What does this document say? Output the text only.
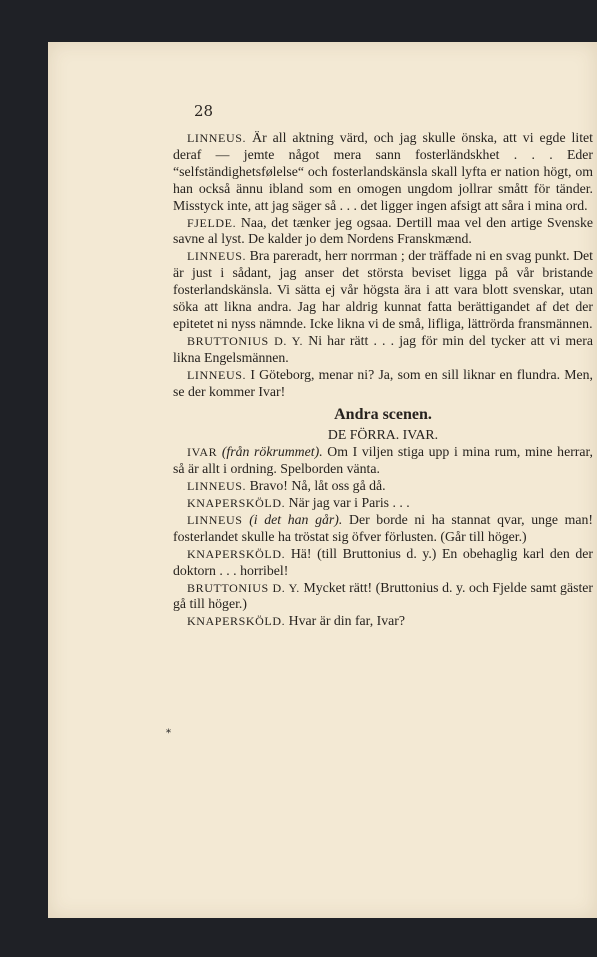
28
*
LINNEUS. Är all aktning värd, och jag skulle önska, att vi egde litet deraf — jemte något mera sann fosterländskhet . . . Eder “selfständighetsfølelse“ och fosterlandskänsla skall lyfta er nation högt, om han också ännu ibland som en omogen ungdom jollrar smått för tänder. Misstyck inte, att jag säger så . . . det ligger ingen afsigt att såra i mina ord.
FJELDE. Naa, det tænker jeg ogsaa. Dertill maa vel den artige Svenske savne al lyst. De kalder jo dem Nordens Franskmænd.
LINNEUS. Bra pareradt, herr norrman ; der träffade ni en svag punkt. Det är just i sådant, jag anser det största beviset ligga på vår bristande fosterlandskänsla. Vi sätta ej vår högsta ära i att vara blott svenskar, utan söka att likna andra. Jag har aldrig kunnat fatta berättigandet af det der epitetet ni nyss nämnde. Icke likna vi de små, lifliga, lättrörda fransmännen.
BRUTTONIUS D. Y. Ni har rätt . . . jag för min del tycker att vi mera likna Engelsmännen.
LINNEUS. I Göteborg, menar ni? Ja, som en sill liknar en flundra. Men, se der kommer Ivar!
Andra scenen.
DE FÖRRA. IVAR.
IVAR (från rökrummet). Om I viljen stiga upp i mina rum, mine herrar, så är allt i ordning. Spelborden vänta.
LINNEUS. Bravo! Nå, låt oss gå då.
KNAPERSKÖLD. När jag var i Paris . . .
LINNEUS (i det han går). Der borde ni ha stannat qvar, unge man! fosterlandet skulle ha tröstat sig öfver förlusten. (Går till höger.)
KNAPERSKÖLD. Hä! (till Bruttonius d. y.) En obehaglig karl den der doktorn . . . horribel!
BRUTTONIUS D. Y. Mycket rätt! (Bruttonius d. y. och Fjelde samt gäster gå till höger.)
KNAPERSKÖLD. Hvar är din far, Ivar?
